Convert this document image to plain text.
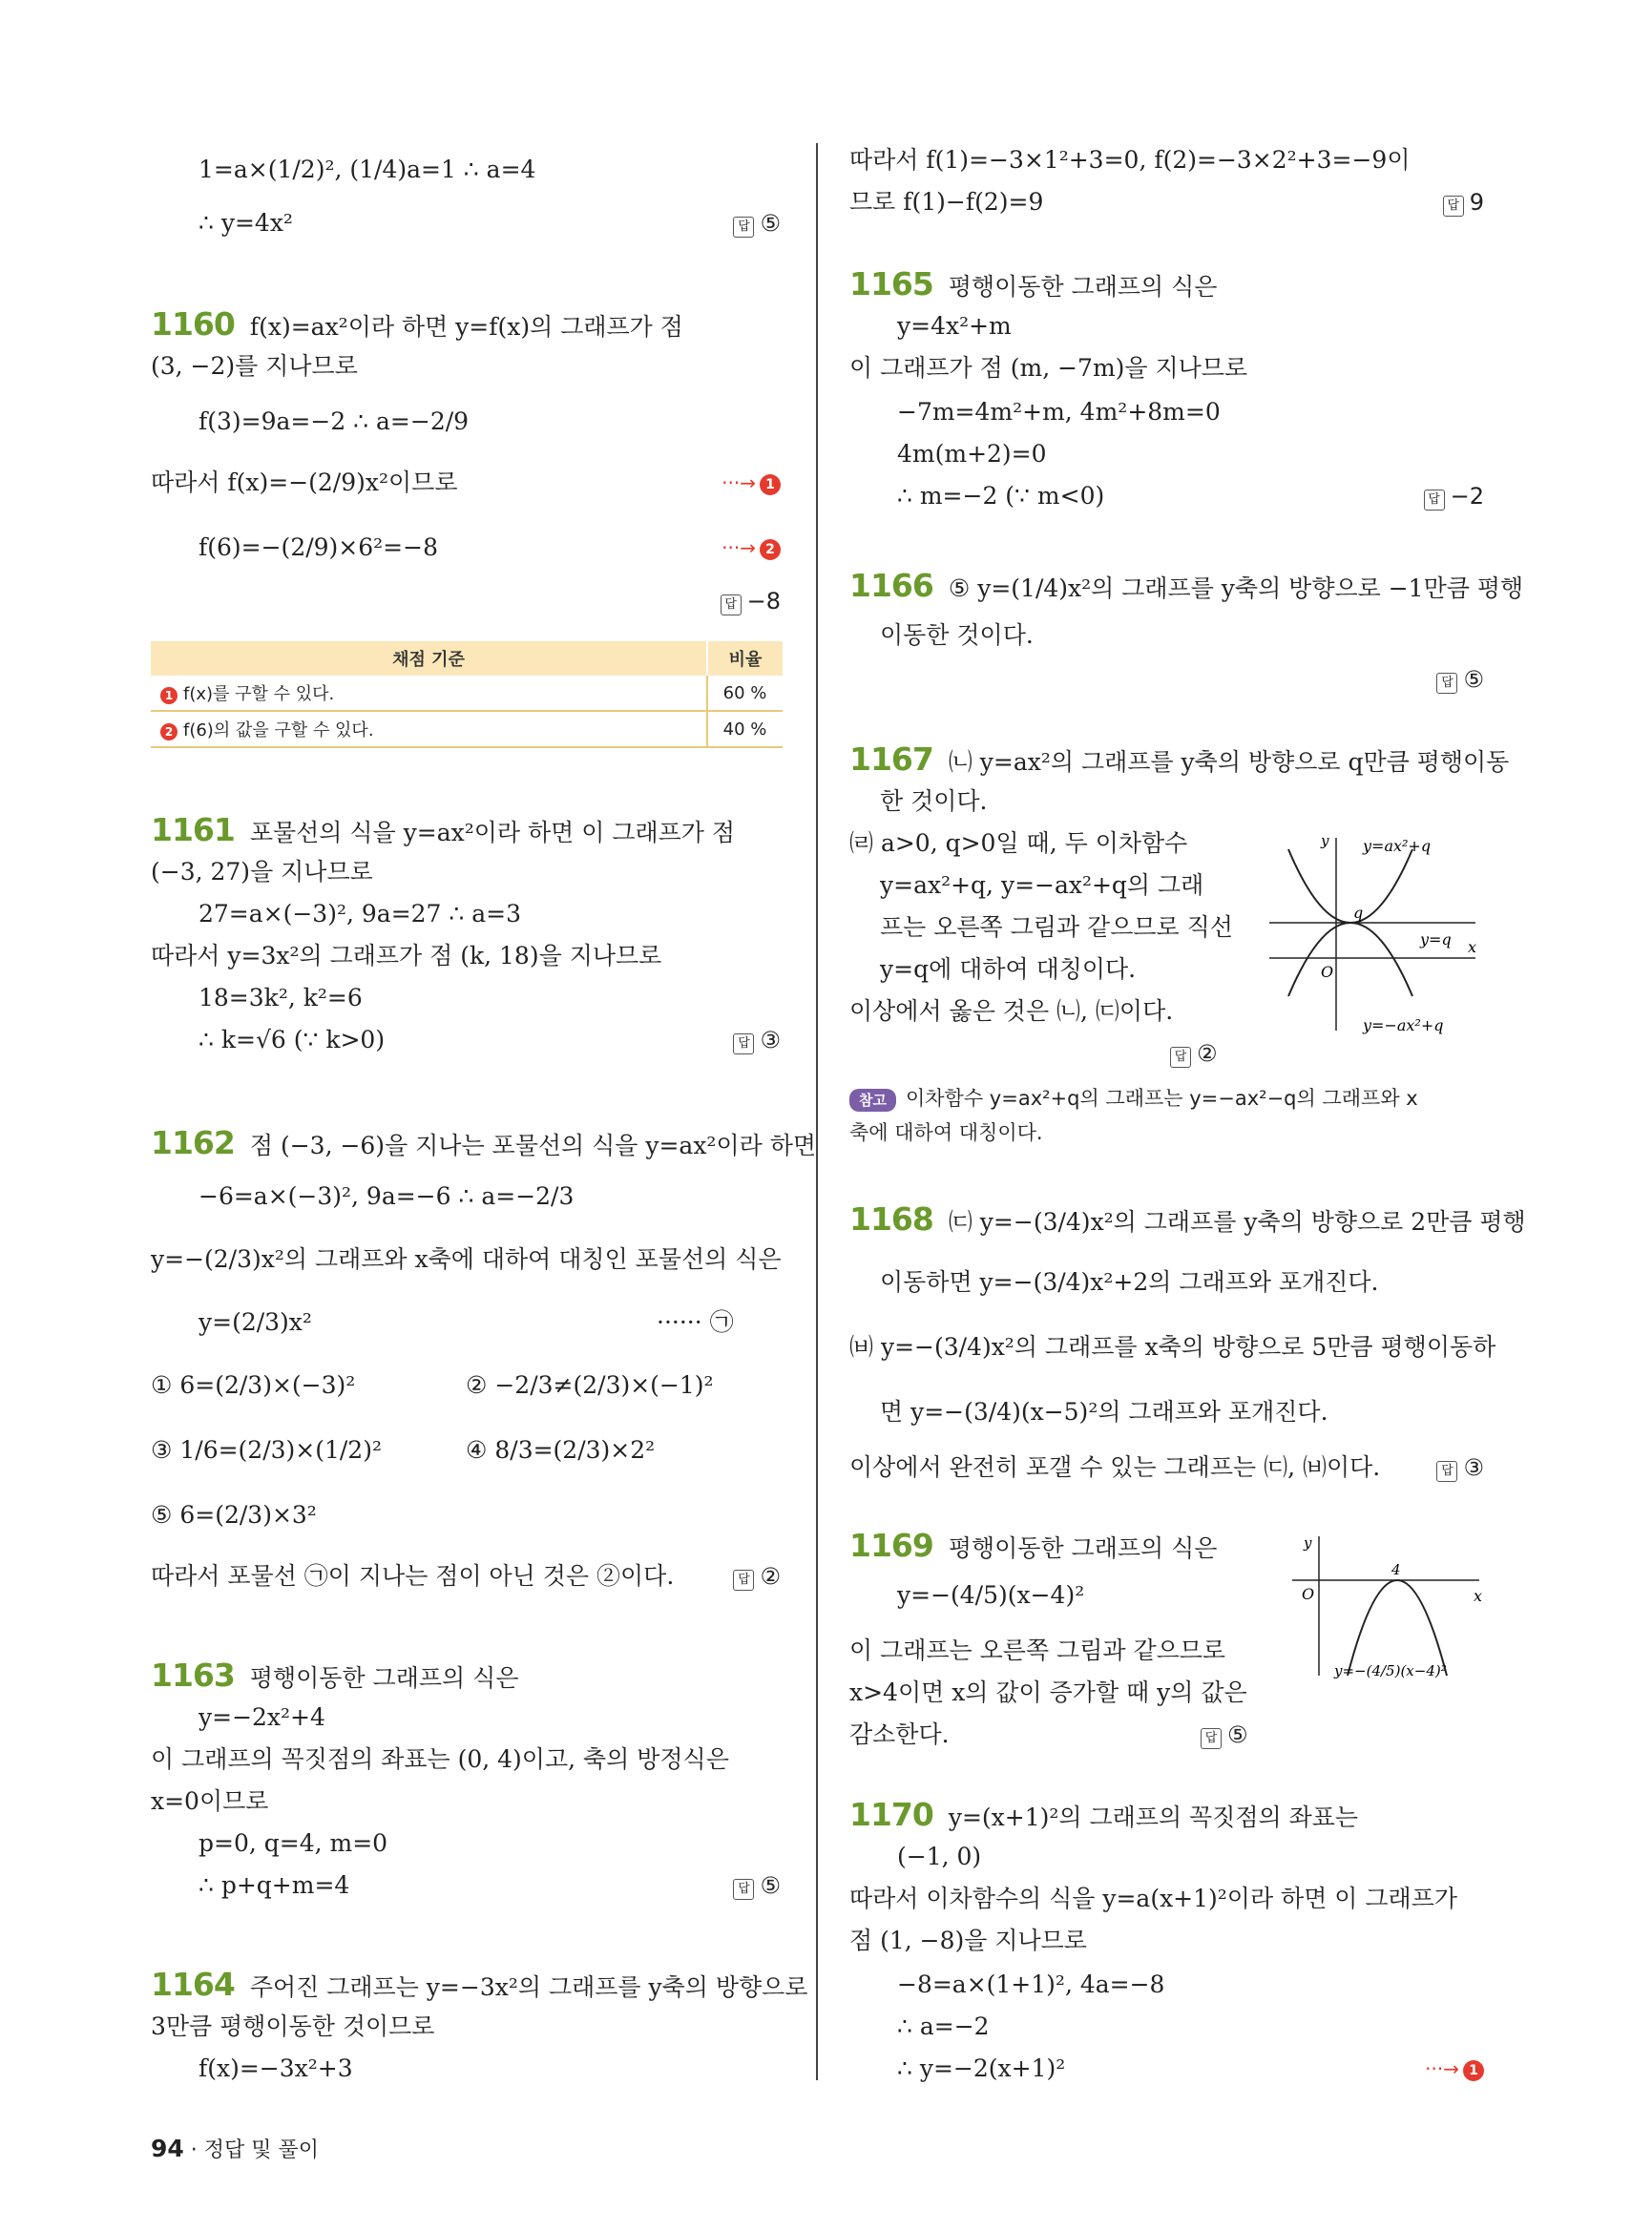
1=a×(1/2)², (1/4)a=1 ∴ a=4
∴ y=4x²	답 ⑤
1160 f(x)=ax²이라 하면 y=f(x)의 그래프가 점
(3, −2)를 지나므로
f(3)=9a=−2 ∴ a=−2/9
따라서 f(x)=−(2/9)x²이므로	···→ 1
f(6)=−(2/9)×6²=−8	···→ 2
답 −8
채점 기준	비율
1 f(x)를 구할 수 있다.	60 %
2 f(6)의 값을 구할 수 있다.	40 %
1161 포물선의 식을 y=ax²이라 하면 이 그래프가 점
(−3, 27)을 지나므로
27=a×(−3)², 9a=27 ∴ a=3
따라서 y=3x²의 그래프가 점 (k, 18)을 지나므로
18=3k², k²=6
∴ k=√6 (∵ k>0)	답 ③
1162 점 (−3, −6)을 지나는 포물선의 식을 y=ax²이라 하면
−6=a×(−3)², 9a=−6 ∴ a=−2/3
y=−(2/3)x²의 그래프와 x축에 대하여 대칭인 포물선의 식은
y=(2/3)x²	······ ㉠
① 6=(2/3)×(−3)²	② −2/3≠(2/3)×(−1)²
③ 1/6=(2/3)×(1/2)²	④ 8/3=(2/3)×2²
⑤ 6=(2/3)×3²
따라서 포물선 ㉠이 지나는 점이 아닌 것은 ②이다.	답 ②
1163 평행이동한 그래프의 식은
y=−2x²+4
이 그래프의 꼭짓점의 좌표는 (0, 4)이고, 축의 방정식은
x=0이므로
p=0, q=4, m=0
∴ p+q+m=4	답 ⑤
1164 주어진 그래프는 y=−3x²의 그래프를 y축의 방향으로
3만큼 평행이동한 것이므로
f(x)=−3x²+3
따라서 f(1)=−3×1²+3=0, f(2)=−3×2²+3=−9이
므로 f(1)−f(2)=9	답 9
1165 평행이동한 그래프의 식은
y=4x²+m
이 그래프가 점 (m, −7m)을 지나므로
−7m=4m²+m, 4m²+8m=0
4m(m+2)=0
∴ m=−2 (∵ m<0)	답 −2
1166 ⑤ y=(1/4)x²의 그래프를 y축의 방향으로 −1만큼 평행
이동한 것이다.
답 ⑤
1167 ㈁ y=ax²의 그래프를 y축의 방향으로 q만큼 평행이동
한 것이다.
㈃ a>0, q>0일 때, 두 이차함수
y=ax²+q, y=−ax²+q의 그래
프는 오른쪽 그림과 같으므로 직선
y=q에 대하여 대칭이다.
이상에서 옳은 것은 ㈁, ㈂이다.
답 ②
y
x
O
q
y=ax²+q
y=q
y=−ax²+q
참고 이차함수 y=ax²+q의 그래프는 y=−ax²−q의 그래프와 x
축에 대하여 대칭이다.
1168 ㈂ y=−(3/4)x²의 그래프를 y축의 방향으로 2만큼 평행
이동하면 y=−(3/4)x²+2의 그래프와 포개진다.
㈅ y=−(3/4)x²의 그래프를 x축의 방향으로 5만큼 평행이동하
면 y=−(3/4)(x−5)²의 그래프와 포개진다.
이상에서 완전히 포갤 수 있는 그래프는 ㈂, ㈅이다.	답 ③
1169 평행이동한 그래프의 식은
y=−(4/5)(x−4)²
이 그래프는 오른쪽 그림과 같으므로
x>4이면 x의 값이 증가할 때 y의 값은
감소한다.	답 ⑤
y
x
O
4
y=−(4/5)(x−4)²
1170 y=(x+1)²의 그래프의 꼭짓점의 좌표는
(−1, 0)
따라서 이차함수의 식을 y=a(x+1)²이라 하면 이 그래프가
점 (1, −8)을 지나므로
−8=a×(1+1)², 4a=−8
∴ a=−2
∴ y=−2(x+1)²	···→ 1
94 · 정답 및 풀이
